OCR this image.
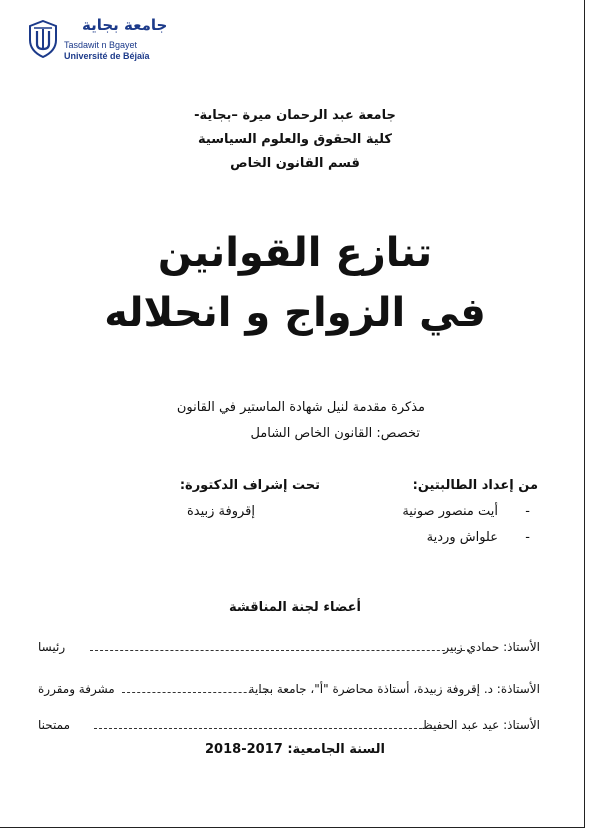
جامعة بجاية
Tasdawit n Bgayet
Université de Béjaïa
جامعة عبد الرحمان ميرة –بجاية-
كلية الحقوق والعلوم السياسية
قسم القانون الخاص
تنازع القوانين
في الزواج و انحلاله
مذكرة مقدمة لنيل شهادة الماستير في القانون
تخصص: القانون الخاص الشامل
من إعداد الطالبتين:
-
أيت منصور صونية
-
علواش وردية
تحت إشراف الدكتورة:
إقروفة زبيدة
أعضاء لجنة المناقشة
الأستاذ: حمادي زبير
رئيسا
الأستاذة: د. إقروفة زبيدة، أستاذة محاضرة "أ"، جامعة بجاية
مشرفة ومقررة
الأستاذ: عيد عبد الحفيظ
ممتحنا
السنة الجامعية: 2017-2018
